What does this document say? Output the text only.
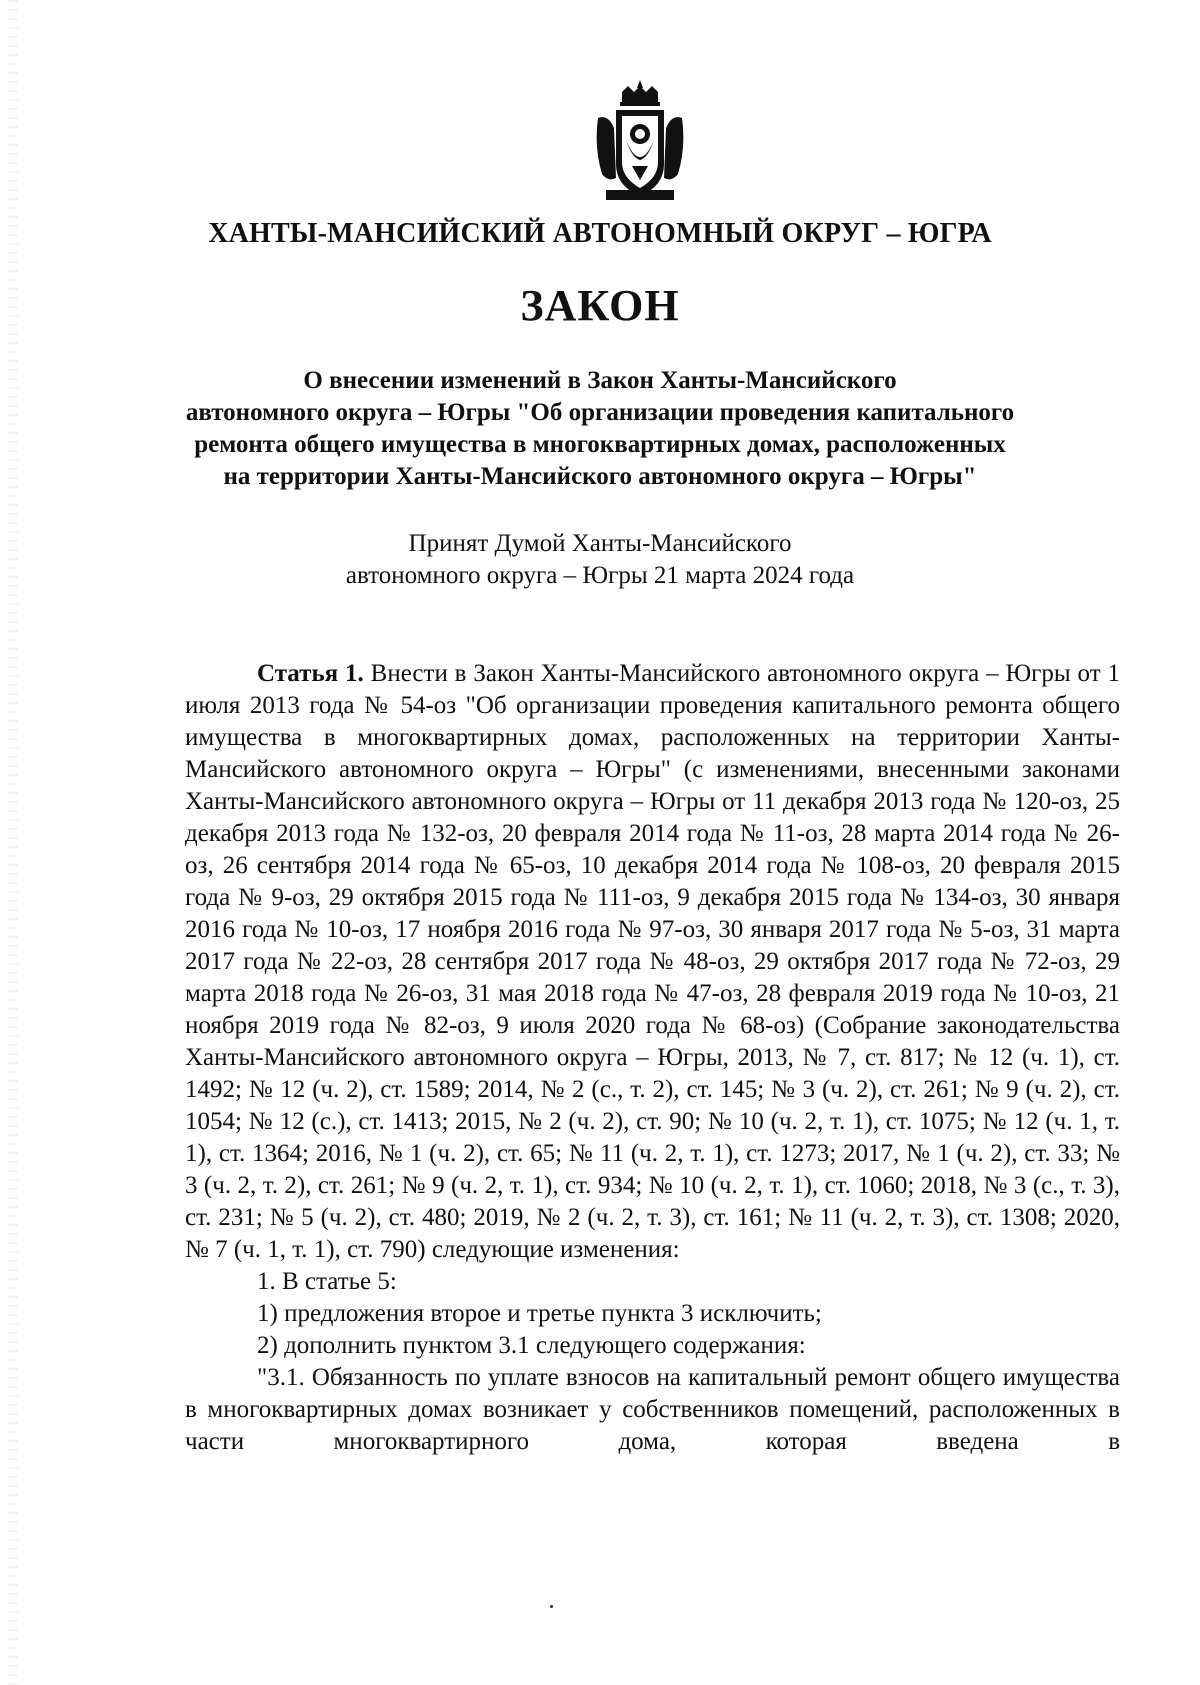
ХАНТЫ-МАНСИЙСКИЙ АВТОНОМНЫЙ ОКРУГ – ЮГРА
ЗАКОН
О внесении изменений в Закон Ханты-Мансийского
автономного округа – Югры "Об организации проведения капитального
ремонта общего имущества в многоквартирных домах, расположенных
на территории Ханты-Мансийского автономного округа – Югры"
Принят Думой Ханты-Мансийского
автономного округа – Югры 21 марта 2024 года

Статья 1. Внести в Закон Ханты-Мансийского автономного округа – Югры от 1 июля 2013 года № 54-оз "Об организации проведения капитального ремонта общего имущества в многоквартирных домах, расположенных на территории Ханты-Мансийского автономного округа – Югры" (с изменениями, внесенными законами Ханты-Мансийского автономного округа – Югры от 11 декабря 2013 года № 120-оз, 25 декабря 2013 года № 132-оз, 20 февраля 2014 года № 11-оз, 28 марта 2014 года № 26-оз, 26 сентября 2014 года № 65-оз, 10 декабря 2014 года № 108-оз, 20 февраля 2015 года № 9-оз, 29 октября 2015 года № 111-оз, 9 декабря 2015 года № 134-оз, 30 января 2016 года № 10-оз, 17 ноября 2016 года № 97-оз, 30 января 2017 года № 5-оз, 31 марта 2017 года № 22-оз, 28 сентября 2017 года № 48-оз, 29 октября 2017 года № 72-оз, 29 марта 2018 года № 26-оз, 31 мая 2018 года № 47-оз, 28 февраля 2019 года № 10-оз, 21 ноября 2019 года № 82-оз, 9 июля 2020 года № 68-оз) (Собрание законодательства Ханты-Мансийского автономного округа – Югры, 2013, № 7, ст. 817; № 12 (ч. 1), ст. 1492; № 12 (ч. 2), ст. 1589; 2014, № 2 (с., т. 2), ст. 145; № 3 (ч. 2), ст. 261; № 9 (ч. 2), ст. 1054; № 12 (с.), ст. 1413; 2015, № 2 (ч. 2), ст. 90; № 10 (ч. 2, т. 1), ст. 1075; № 12 (ч. 1, т. 1), ст. 1364; 2016, № 1 (ч. 2), ст. 65; № 11 (ч. 2, т. 1), ст. 1273; 2017, № 1 (ч. 2), ст. 33; № 3 (ч. 2, т. 2), ст. 261; № 9 (ч. 2, т. 1), ст. 934; № 10 (ч. 2, т. 1), ст. 1060; 2018, № 3 (с., т. 3), ст. 231; № 5 (ч. 2), ст. 480; 2019, № 2 (ч. 2, т. 3), ст. 161; № 11 (ч. 2, т. 3), ст. 1308; 2020, № 7 (ч. 1, т. 1), ст. 790) следующие изменения:

1. В статье 5:

1) предложения второе и третье пункта 3 исключить;

2) дополнить пунктом 3.1 следующего содержания:

"3.1. Обязанность по уплате взносов на капитальный ремонт общего имущества в многоквартирных домах возникает у собственников помещений, расположенных в части многоквартирного дома, которая введена в
